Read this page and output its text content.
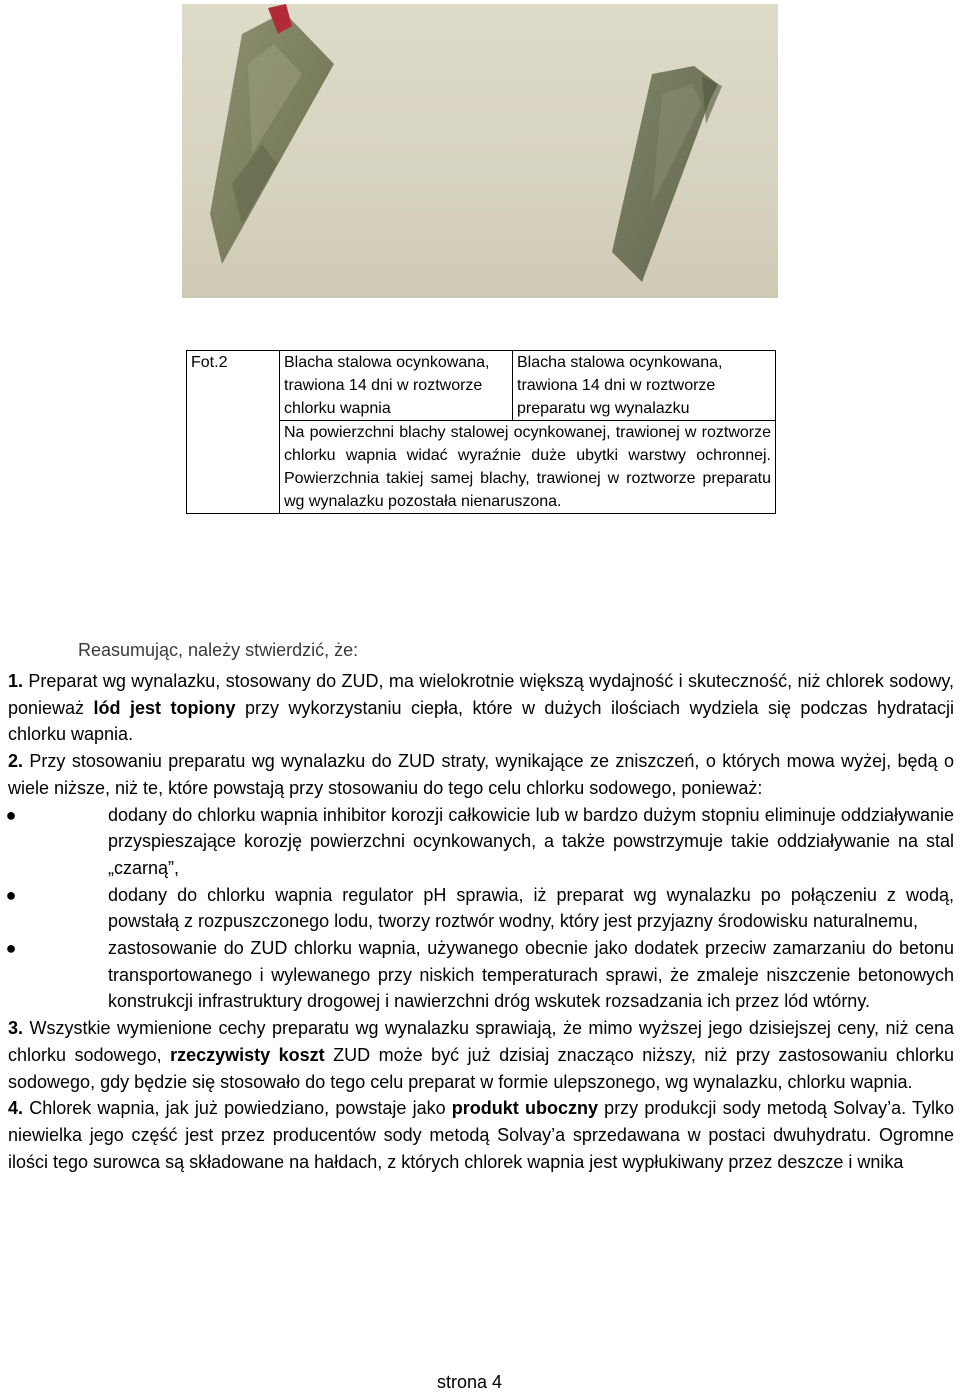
Fot.2	Blacha stalowa ocynkowana, trawiona 14 dni w roztworze chlorku wapnia	Blacha stalowa ocynkowana, trawiona 14 dni w roztworze preparatu wg wynalazku
Na powierzchni blachy stalowej ocynkowanej, trawionej w roztworze chlorku wapnia widać wyraźnie duże ubytki warstwy ochronnej. Powierzchnia takiej samej blachy, trawionej w roztworze preparatu wg wynalazku pozostała nienaruszona.
Reasumując, należy stwierdzić, że:

1. Preparat wg wynalazku, stosowany do ZUD, ma wielokrotnie większą wydajność i skuteczność, niż chlorek sodowy, ponieważ lód jest topiony przy wykorzystaniu ciepła, które w dużych ilościach wydziela się podczas hydratacji chlorku wapnia.

2. Przy stosowaniu preparatu wg wynalazku do ZUD straty, wynikające ze zniszczeń, o których mowa wyżej, będą o wiele niższe, niż te, które powstają przy stosowaniu do tego celu chlorku sodowego, ponieważ:

●	dodany do chlorku wapnia inhibitor korozji całkowicie lub w bardzo dużym stopniu eliminuje oddziaływanie przyspieszające korozję powierzchni ocynkowanych, a także powstrzymuje takie oddziaływanie na stal „czarną”,
●	dodany do chlorku wapnia regulator pH sprawia, iż preparat wg wynalazku po połączeniu z wodą, powstałą z rozpuszczonego lodu, tworzy roztwór wodny, który jest przyjazny środowisku naturalnemu,
●	zastosowanie do ZUD chlorku wapnia, używanego obecnie jako dodatek przeciw zamarzaniu do betonu transportowanego i wylewanego przy niskich temperaturach sprawi, że zmaleje niszczenie betonowych konstrukcji infrastruktury drogowej i nawierzchni dróg wskutek rozsadzania ich przez lód wtórny.

3. Wszystkie wymienione cechy preparatu wg wynalazku sprawiają, że mimo wyższej jego dzisiejszej ceny, niż cena chlorku sodowego, rzeczywisty koszt ZUD może być już dzisiaj znacząco niższy, niż przy zastosowaniu chlorku sodowego, gdy będzie się stosowało do tego celu preparat w formie ulepszonego, wg wynalazku, chlorku wapnia.

4. Chlorek wapnia, jak już powiedziano, powstaje jako produkt uboczny przy produkcji sody metodą Solvay’a. Tylko niewielka jego część jest przez producentów sody metodą Solvay’a sprzedawana w postaci dwuhydratu. Ogromne ilości tego surowca są składowane na hałdach, z których chlorek wapnia jest wypłukiwany przez deszcze i wnika

strona 4
